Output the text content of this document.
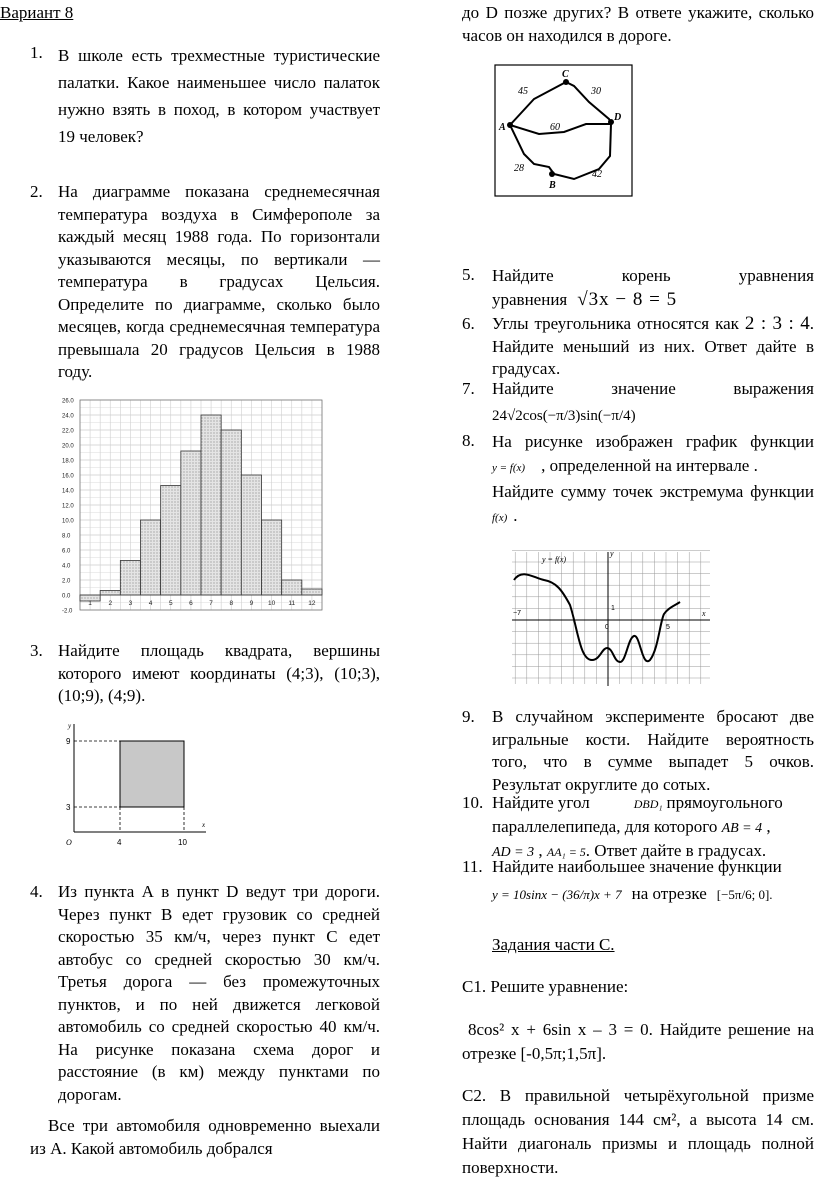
Вариант 8
1. В школе есть трехместные туристические палатки. Какое наименьшее число палаток нужно взять в поход, в котором участвует 19 человек?
2. На диаграмме показана среднемесячная температура воздуха в Симферополе за каждый месяц 1988 года. По горизонтали указываются месяцы, по вертикали — температура в градусах Цельсия. Определите по диаграмме, сколько было месяцев, когда среднемесячная температура превышала 20 градусов Цельсия в 1988 году.
-2.0
0.0
2.0
4.0
6.0
8.0
10.0
12.0
14.0
16.0
18.0
20.0
22.0
24.0
26.0
1	2	3	4	5	6	7	8	9 10 11 12
3. Найдите площадь квадрата, вершины которого имеют координаты (4;3), (10;3), (10;9), (4;9).
y
x
O
9
3
4	10
4. Из пункта А в пункт D ведут три дороги. Через пункт В едет грузовик со средней скоростью 35 км/ч, через пункт С едет автобус со средней скоростью 30 км/ч. Третья дорога — без промежуточных пунктов, и по ней движется легковой автомобиль со средней скоростью 40 км/ч. На рисунке показана схема дорог и расстояние (в км) между пунктами по дорогам.
Все три автомобиля одновременно выехали из А. Какой автомобиль добрался
до D позже других? В ответе укажите, сколько часов он находился в дороге.
A
C
D
B
45	30
60
28
42
5. Найдите корень уравнения
уравнения √3x − 8 = 5
6. Углы треугольника относятся как 2 : 3 : 4. Найдите меньший из них. Ответ дайте в градусах.
7. Найдите значение выражения
24√2cos(−π/3)sin(−π/4)
8. На рисунке изображен график функции
y = f(x) , определенной на интервале .
Найдите сумму точек экстремума функции
f(x) .
y = f(x)
y
x
−7
1
0	5
9. В случайном эксперименте бросают две игральные кости. Найдите вероятность того, что в сумме выпадет 5 очков. Результат округлите до сотых.
10. Найдите угол	DBD₁ прямоугольного параллелепипеда, для которого AB = 4 ,
AD = 3 , AA₁ = 5. Ответ дайте в градусах.
11. Найдите наибольшее значение функции
y = 10sinx − (36/π)x + 7 на отрезке [−5π/6; 0].
Задания части С.
С1. Решите уравнение:
8cos² x + 6sin x – 3 = 0. Найдите решение на отрезке [-0,5π;1,5π].
С2. В правильной четырёхугольной призме площадь основания 144 см², а высота 14 см. Найти диагональ призмы и площадь полной поверхности.
